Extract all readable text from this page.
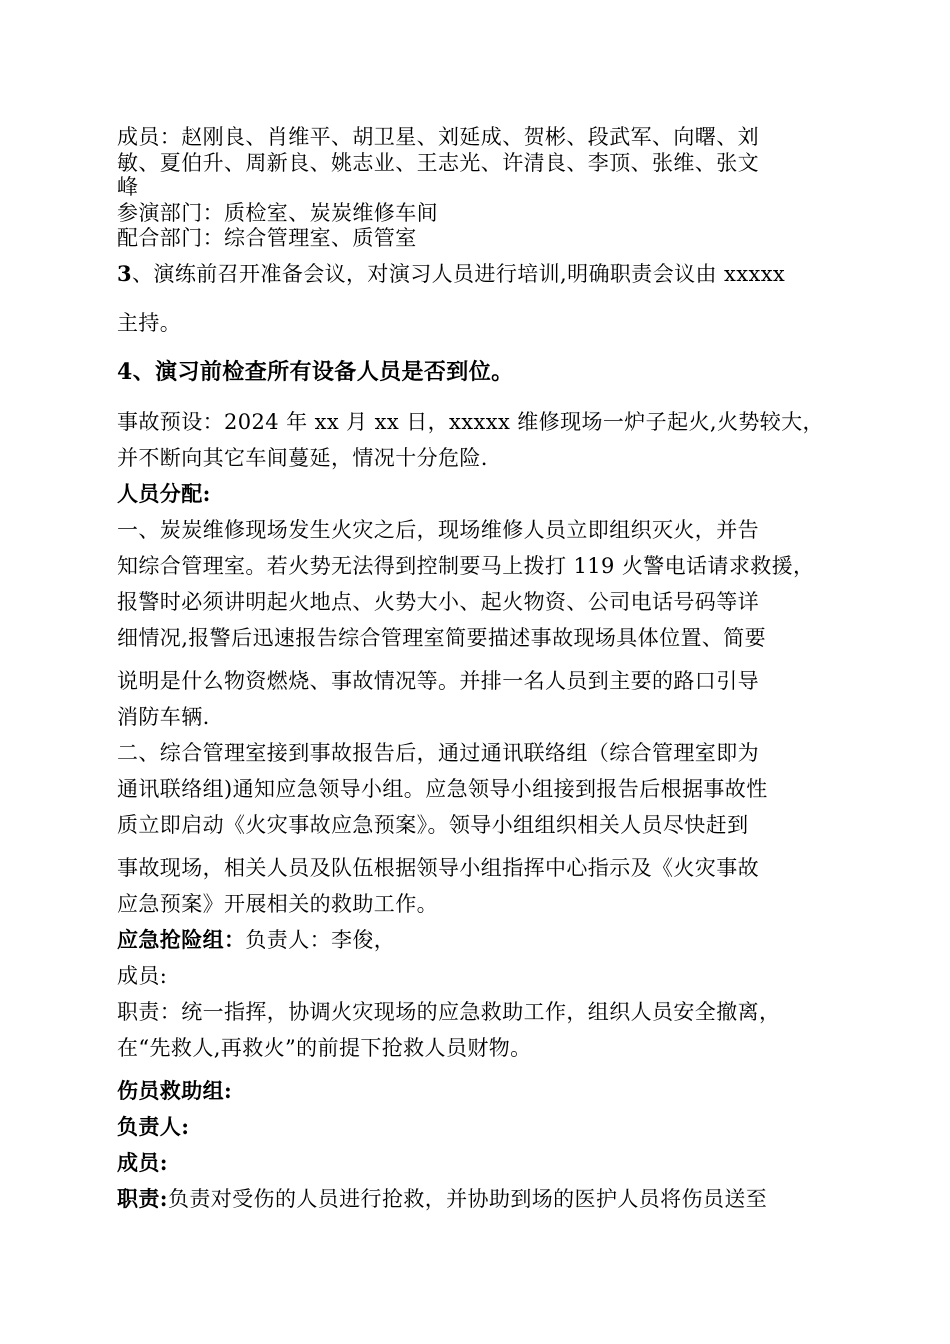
成员：赵刚良、肖维平、胡卫星、刘延成、贺彬、段武军、向曙、刘
敏、夏伯升、周新良、姚志业、王志光、许清良、李顶、张维、张文
峰
参演部门：质检室、炭炭维修车间
配合部门：综合管理室、质管室
3、演练前召开准备会议，对演习人员进行培训,明确职责会议由 xxxxx
主持。
4、演习前检查所有设备人员是否到位。
事故预设：2024 年 xx 月 xx 日，xxxxx 维修现场一炉子起火,火势较大，
并不断向其它车间蔓延，情况十分危险.
人员分配:
一、炭炭维修现场发生火灾之后，现场维修人员立即组织灭火，并告
知综合管理室。若火势无法得到控制要马上拨打 119 火警电话请求救援，
报警时必须讲明起火地点、火势大小、起火物资、公司电话号码等详
细情况,报警后迅速报告综合管理室简要描述事故现场具体位置、简要
说明是什么物资燃烧、事故情况等。并排一名人员到主要的路口引导
消防车辆.
二、综合管理室接到事故报告后，通过通讯联络组（综合管理室即为
通讯联络组)通知应急领导小组。应急领导小组接到报告后根据事故性
质立即启动《火灾事故应急预案》。领导小组组织相关人员尽快赶到
事故现场，相关人员及队伍根据领导小组指挥中心指示及《火灾事故
应急预案》开展相关的救助工作。
应急抢险组：负责人：李俊，
成员:
职责：统一指挥，协调火灾现场的应急救助工作，组织人员安全撤离，
在“先救人,再救火”的前提下抢救人员财物。
伤员救助组:
负责人:
成员:
职责:负责对受伤的人员进行抢救，并协助到场的医护人员将伤员送至
